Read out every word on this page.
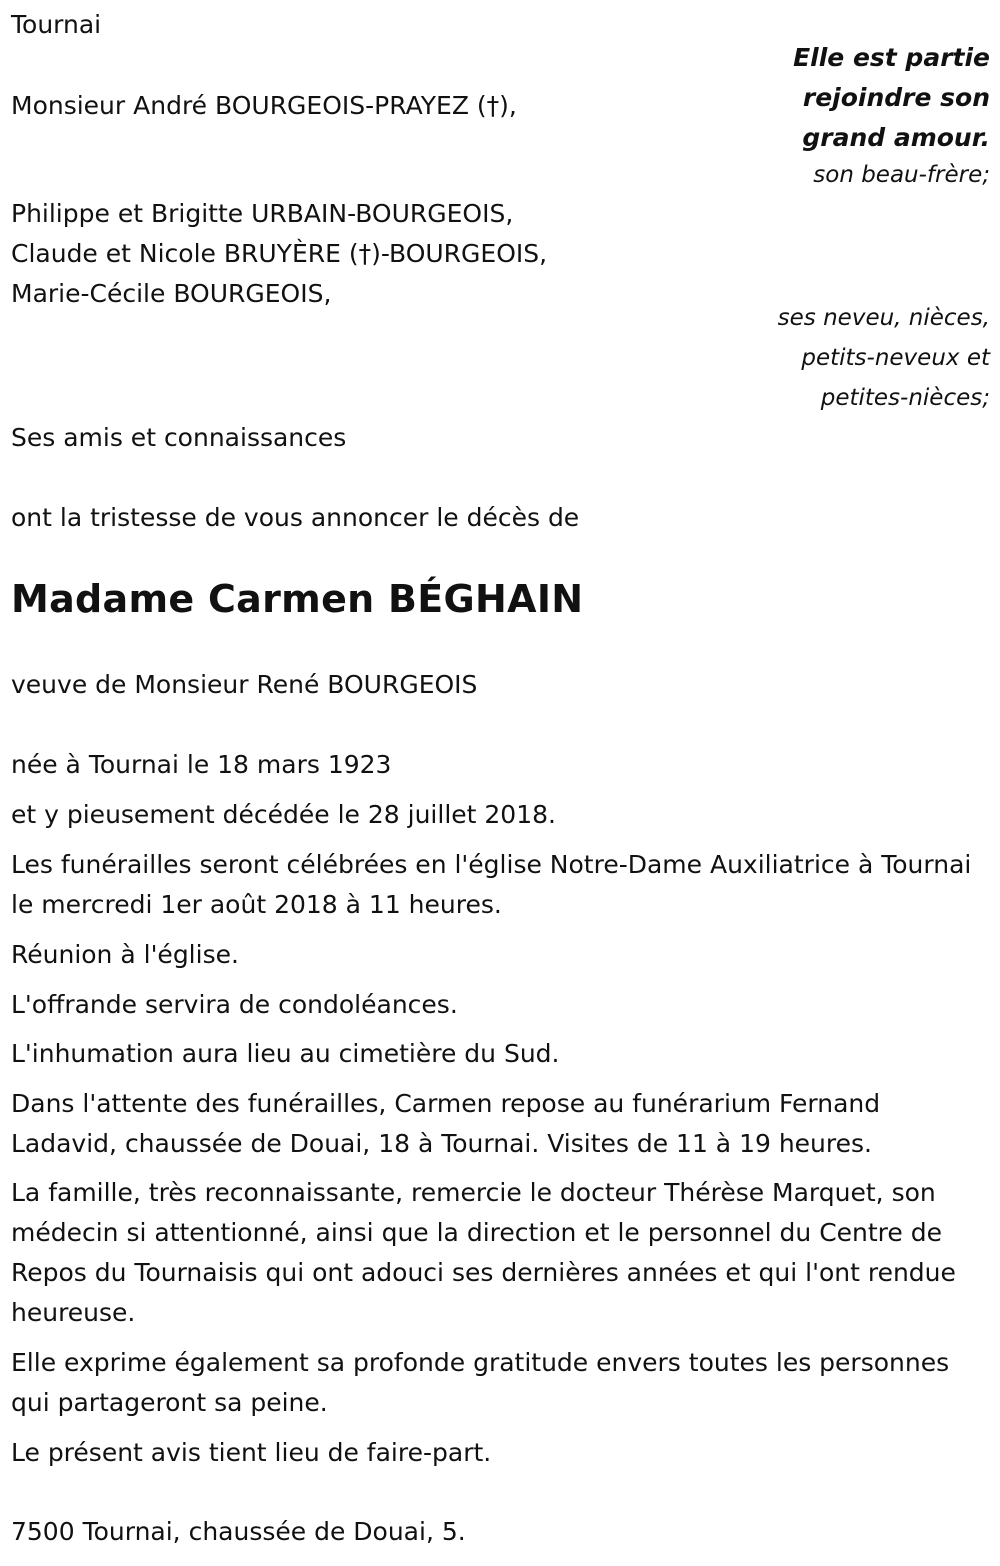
Tournai
Elle est partie
rejoindre son
grand amour.
Monsieur André BOURGEOIS-PRAYEZ (†),
son beau-frère;
Philippe et Brigitte URBAIN-BOURGEOIS,
Claude et Nicole BRUYÈRE (†)-BOURGEOIS,
Marie-Cécile BOURGEOIS,
ses neveu, nièces,
petits-neveux et
petites-nièces;
Ses amis et connaissances
ont la tristesse de vous annoncer le décès de
Madame Carmen BÉGHAIN
veuve de Monsieur René BOURGEOIS
née à Tournai le 18 mars 1923
et y pieusement décédée le 28 juillet 2018.

Les funérailles seront célébrées en l'église Notre-Dame Auxiliatrice à Tournai le mercredi 1er août 2018 à 11 heures.

Réunion à l'église.

L'offrande servira de condoléances.

L'inhumation aura lieu au cimetière du Sud.

Dans l'attente des funérailles, Carmen repose au funérarium Fernand Ladavid, chaussée de Douai, 18 à Tournai. Visites de 11 à 19 heures.

La famille, très reconnaissante, remercie le docteur Thérèse Marquet, son médecin si attentionné, ainsi que la direction et le personnel du Centre de Repos du Tournaisis qui ont adouci ses dernières années et qui l'ont rendue heureuse.

Elle exprime également sa profonde gratitude envers toutes les personnes qui partageront sa peine.

Le présent avis tient lieu de faire-part.

7500 Tournai, chaussée de Douai, 5.
